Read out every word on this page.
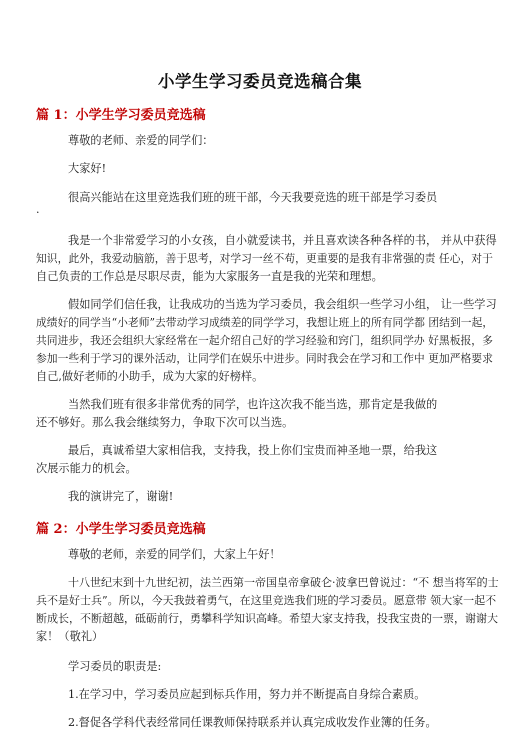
小学生学习委员竞选稿合集
篇 1：小学生学习委员竞选稿
尊敬的老师、亲爱的同学们：
大家好!
很高兴能站在这里竞选我们班的班干部，今天我要竞选的班干部是学习委员
.
我是一个非常爱学习的小女孩，自小就爱读书，并且喜欢读各种各样的书， 并从中获得
知识，此外，我爱动脑筋，善于思考，对学习一丝不苟，更重要的是我有非常强的责 任心，对于
自己负责的工作总是尽职尽责，能为大家服务一直是我的光荣和理想。
假如同学们信任我，让我成功的当选为学习委员，我会组织一些学习小组， 让一些学习
成绩好的同学当“小老师”去带动学习成绩差的同学学习，我想让班上的所有同学都 团结到一起，
共同进步，我还会组织大家经常在一起介绍自己好的学习经验和窍门，组织同学办 好黑板报，多
参加一些利于学习的课外活动，让同学们在娱乐中进步。同时我会在学习和工作中 更加严格要求
自己,做好老师的小助手，成为大家的好榜样。
当然我们班有很多非常优秀的同学，也许这次我不能当选，那肯定是我做的
还不够好。那么我会继续努力，争取下次可以当选。
最后，真诚希望大家相信我，支持我，投上你们宝贵而神圣地一票，给我这
次展示能力的机会。
我的演讲完了，谢谢!
篇 2：小学生学习委员竞选稿
尊敬的老师，亲爱的同学们，大家上午好！
十八世纪末到十九世纪初，法兰西第一帝国皇帝拿破仑·波拿巴曾说过：“不 想当将军的士
兵不是好士兵”。所以，今天我鼓着勇气，在这里竞选我们班的学习委员。愿意带 领大家一起不
断成长，不断超越，砥砺前行，勇攀科学知识高峰。希望大家支持我，投我宝贵的一票，谢谢大
家！（敬礼）
学习委员的职责是:
1.在学习中，学习委员应起到标兵作用，努力并不断提高自身综合素质。
2.督促各学科代表经常同任课教师保持联系并认真完成收发作业簿的任务。
